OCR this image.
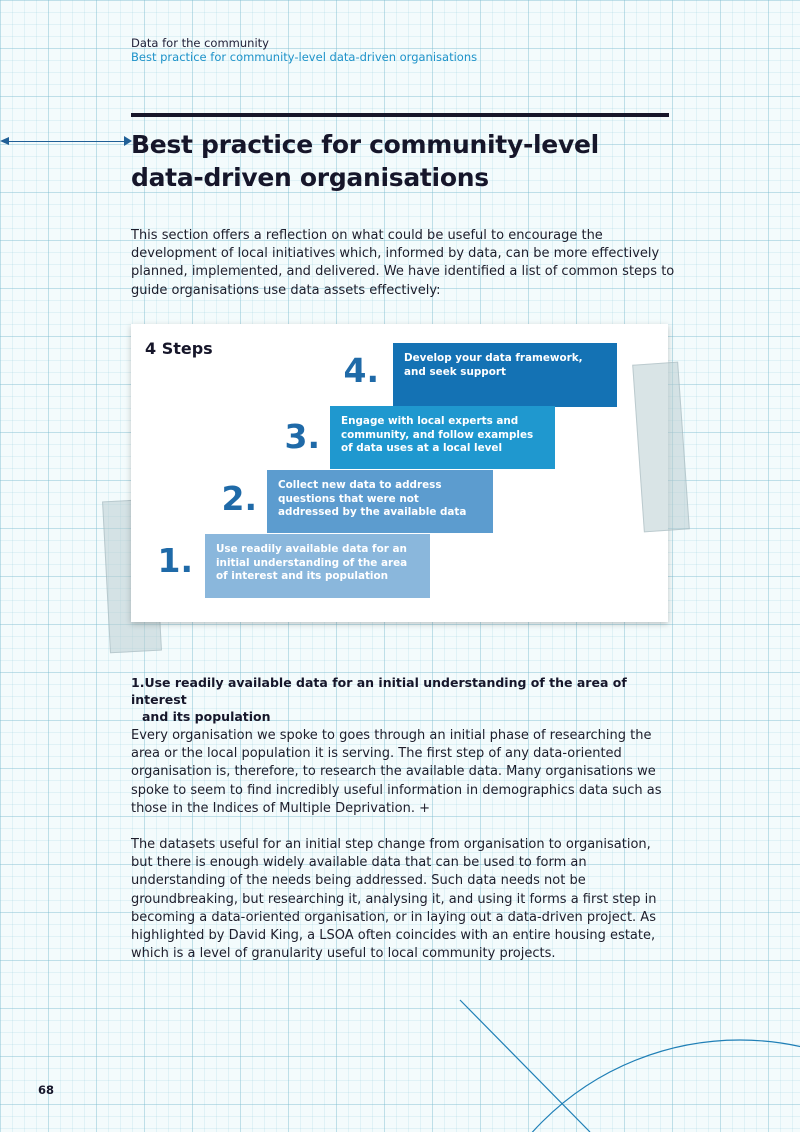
Data for the community
Best practice for community-level data-driven organisations
Best practice for community-level
data-driven organisations

This section offers a reflection on what could be useful to encourage the development of local initiatives which, informed by data, can be more effectively planned, implemented, and delivered. We have identified a list of common steps to guide organisations use data assets effectively:

4 Steps
4.	Develop your data framework, and seek support
3.	Engage with local experts and community, and follow examples of data uses at a local level
2.	Collect new data to address questions that were not addressed by the available data
1.	Use readily available data for an initial understanding of the area of interest and its population
1.Use readily available data for an initial understanding of the area of interest
and its population

Every organisation we spoke to goes through an initial phase of researching the area or the local population it is serving. The first step of any data-oriented organisation is, therefore, to research the available data. Many organisations we spoke to seem to find incredibly useful information in demographics data such as those in the Indices of Multiple Deprivation. +

The datasets useful for an initial step change from organisation to organisation, but there is enough widely available data that can be used to form an understanding of the needs being addressed. Such data needs not be groundbreaking, but researching it, analysing it, and using it forms a first step in becoming a data-oriented organisation, or in laying out a data-driven project. As highlighted by David King, a LSOA often coincides with an entire housing estate, which is a level of granularity useful to local community projects.

68
